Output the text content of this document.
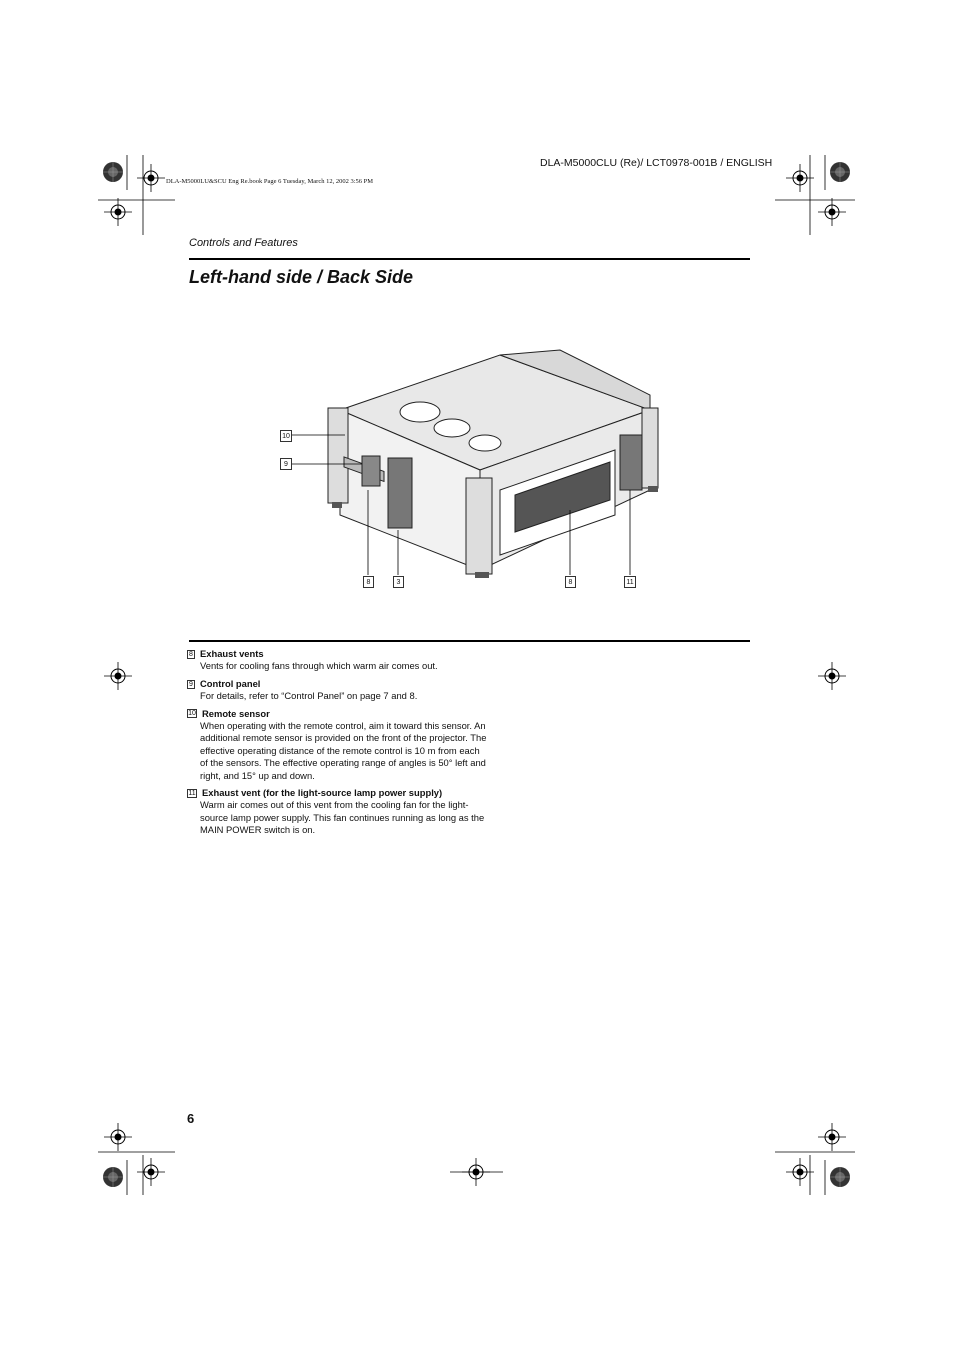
DLA-M5000CLU (Re)/ LCT0978-001B / ENGLISH
DLA-M5000LU&SCU Eng Re.book Page 6 Tuesday, March 12, 2002 3:56 PM
Controls and Features
Left-hand side / Back Side
10
9
8	3	8	11
8 Exhaust vents
Vents for cooling fans through which warm air comes out.
9 Control panel
For details, refer to “Control Panel” on page 7 and 8.
10 Remote sensor
When operating with the remote control, aim it toward this sensor. An additional remote sensor is provided on the front of the projector. The effective operating distance of the remote control is 10 m from each of the sensors. The effective operating range of angles is 50° left and right, and 15° up and down.
11 Exhaust vent (for the light-source lamp power supply)
Warm air comes out of this vent from the cooling fan for the light-source lamp power supply. This fan continues running as long as the MAIN POWER switch is on.
6
